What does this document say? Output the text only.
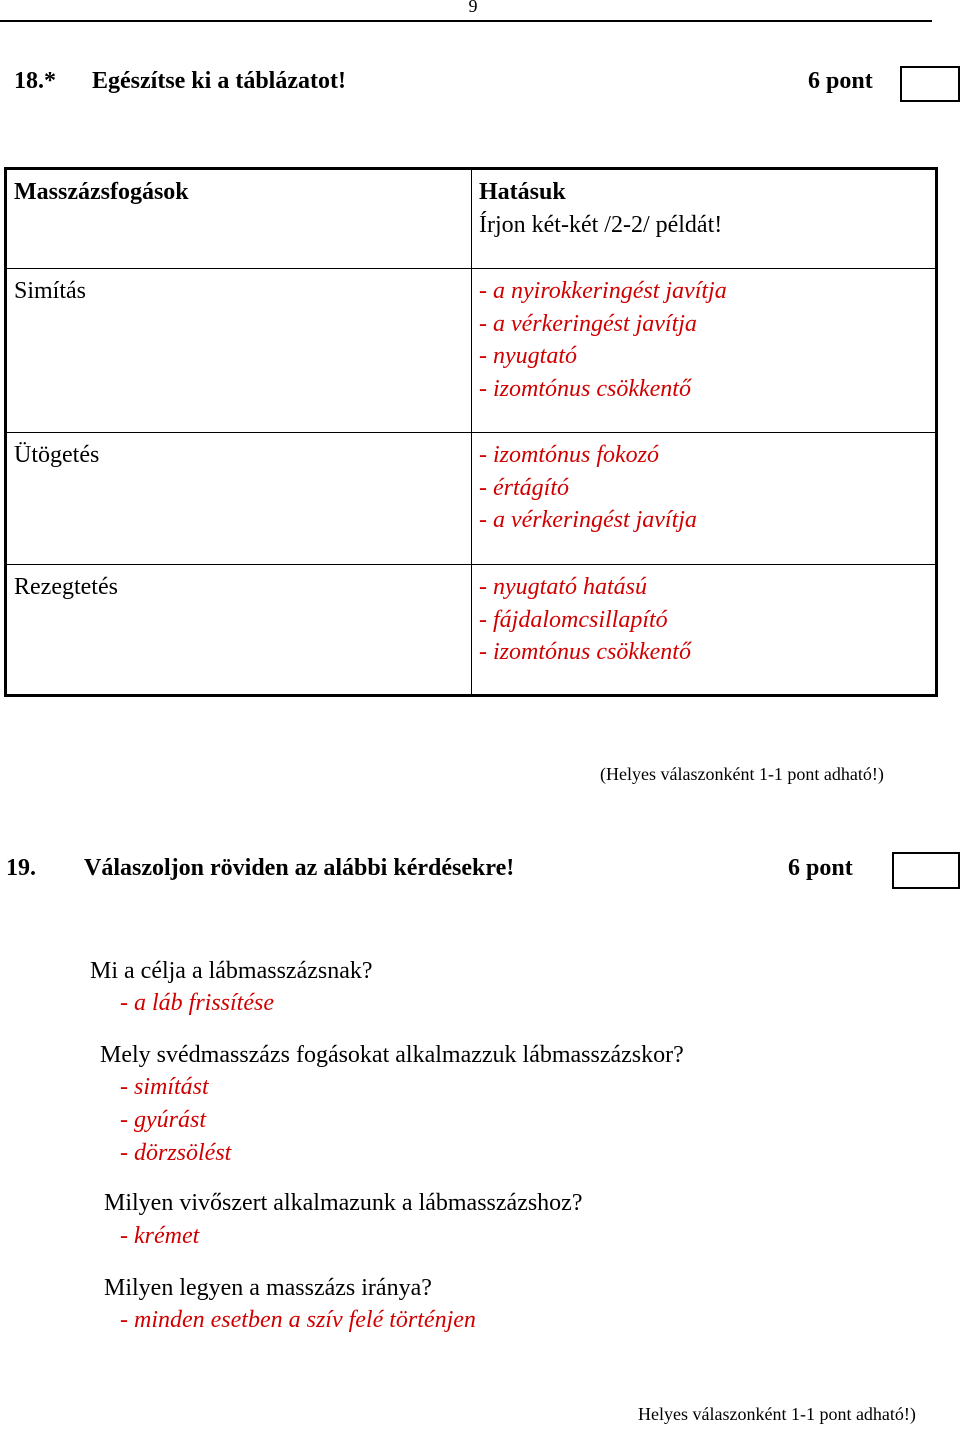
9
18.* Egészítse ki a táblázatot!	6 pont
Masszázsfogások	Hatásuk
Írjon két-két /2-2/ példát!

Simítás	- a nyirokkeringést javítja
- a vérkeringést javítja
- nyugtató
- izomtónus csökkentő

Ütögetés	- izomtónus fokozó
- értágító
- a vérkeringést javítja

Rezegtetés	- nyugtató hatású
- fájdalomcsillapító
- izomtónus csökkentő
(Helyes válaszonként 1-1 pont adható!)
19. Válaszoljon röviden az alábbi kérdésekre!	6 pont
Mi a célja a lábmasszázsnak?
- a láb frissítése
Mely svédmasszázs fogásokat alkalmazzuk lábmasszázskor?
- simítást
- gyúrást
- dörzsölést
Milyen vivőszert alkalmazunk a lábmasszázshoz?
- krémet
Milyen legyen a masszázs iránya?
- minden esetben a szív felé történjen
Helyes válaszonként 1-1 pont adható!)
